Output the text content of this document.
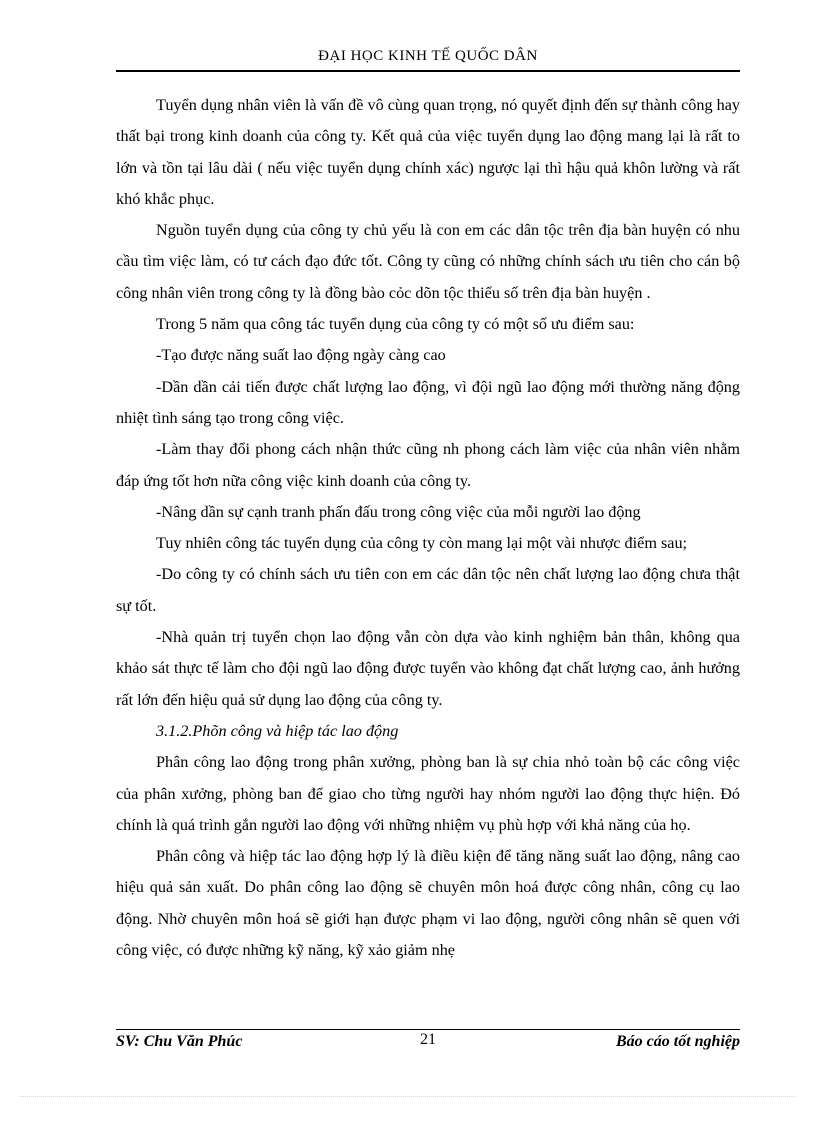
ĐẠI HỌC KINH TẾ QUỐC DÂN

Tuyển dụng nhân viên là vấn đề vô cùng quan trọng, nó quyết định đến sự thành công hay thất bại trong kinh doanh của công ty. Kết quả của việc tuyển dụng lao động mang lại là rất to lớn và tồn tại lâu dài ( nếu việc tuyển dụng chính xác) ngược lại thì hậu quả khôn lường và rất khó khắc phục.

Nguồn tuyển dụng của công ty chủ yếu là con em các dân tộc trên địa bàn huyện có nhu cầu tìm việc làm, có tư cách đạo đức tốt. Công ty cũng có những chính sách ưu tiên cho cán bộ công nhân viên trong công ty là đồng bào cỏc dõn tộc thiểu số trên địa bàn huyện .

Trong 5 năm qua công tác tuyển dụng của công ty có một số ưu điểm sau:

-Tạo được năng suất lao động ngày càng cao

-Dần dần cải tiến được chất lượng lao động, vì đội ngũ lao động mới thường năng động nhiệt tình sáng tạo trong công việc.

-Làm thay đổi phong cách nhận thức cũng nh phong cách làm việc của nhân viên nhằm đáp ứng tốt hơn nữa công việc kinh doanh của công ty.

-Nâng dần sự cạnh tranh phấn đấu trong công việc của mỗi người lao động

Tuy nhiên công tác tuyển dụng của công ty còn mang lại một vài nhược điểm sau;

-Do công ty có chính sách ưu tiên con em các dân tộc nên chất lượng lao động chưa thật sự tốt.

-Nhà quản trị tuyển chọn lao động vẫn còn dựa vào kinh nghiệm bản thân, không qua khảo sát thực tế làm cho đội ngũ lao động được tuyển vào không đạt chất lượng cao, ảnh hưởng rất lớn đến hiệu quả sử dụng lao động của công ty.

3.1.2.Phõn công và hiệp tác lao động

Phân công lao động trong phân xưởng, phòng ban là sự chia nhỏ toàn bộ các công việc của phân xưởng, phòng ban để giao cho từng người hay nhóm người lao động thực hiện. Đó chính là quá trình gắn người lao động với những nhiệm vụ phù hợp với khả năng của họ.

Phân công và hiệp tác lao động hợp lý là điều kiện để tăng năng suất lao động, nâng cao hiệu quả sản xuất. Do phân công lao động sẽ chuyên môn hoá được công nhân, công cụ lao động. Nhờ chuyên môn hoá sẽ giới hạn được phạm vi lao động, người công nhân sẽ quen với công việc, có được những kỹ năng, kỹ xảo giảm nhẹ

SV: Chu Văn Phúc	21	Báo cáo tốt nghiệp
